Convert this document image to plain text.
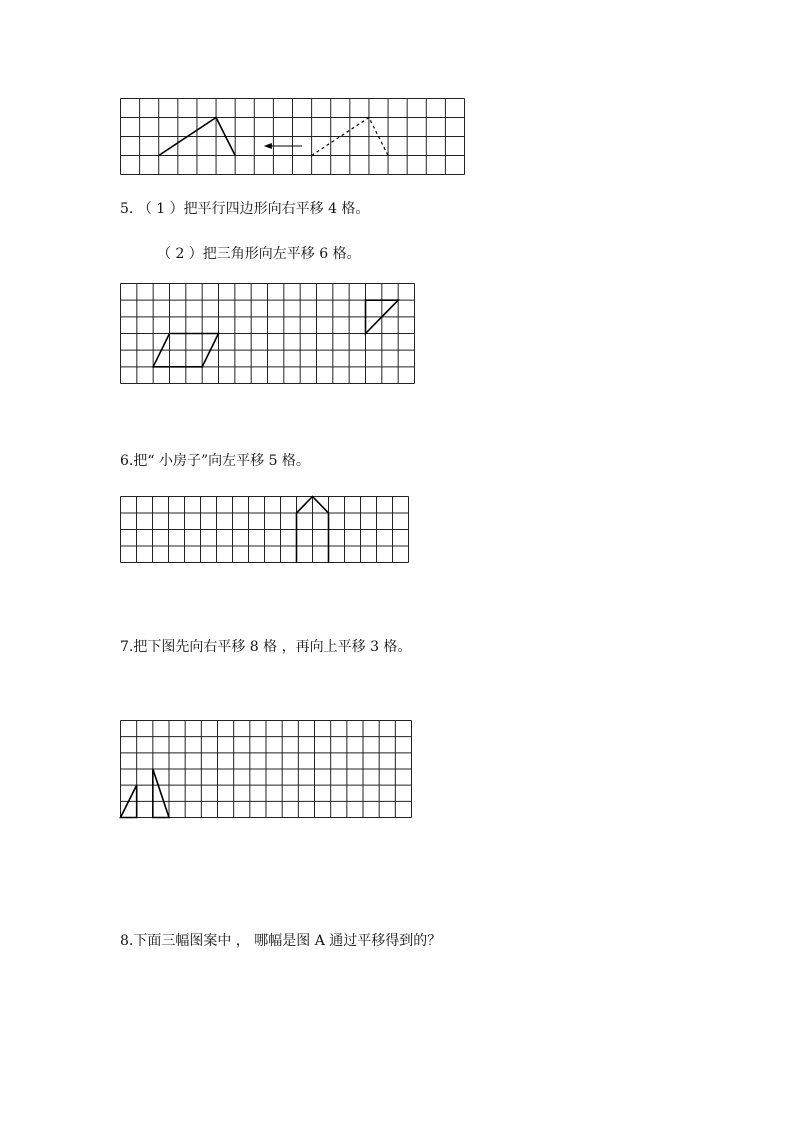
5. （ 1 ）把平行四边形向右平移 4 格。

（ 2 ）把三角形向左平移 6 格。

6.把“ 小房子”向左平移 5 格。

7.把下图先向右平移 8 格 ，再向上平移 3 格。

8.下面三幅图案中 ， 哪幅是图 A 通过平移得到的？
